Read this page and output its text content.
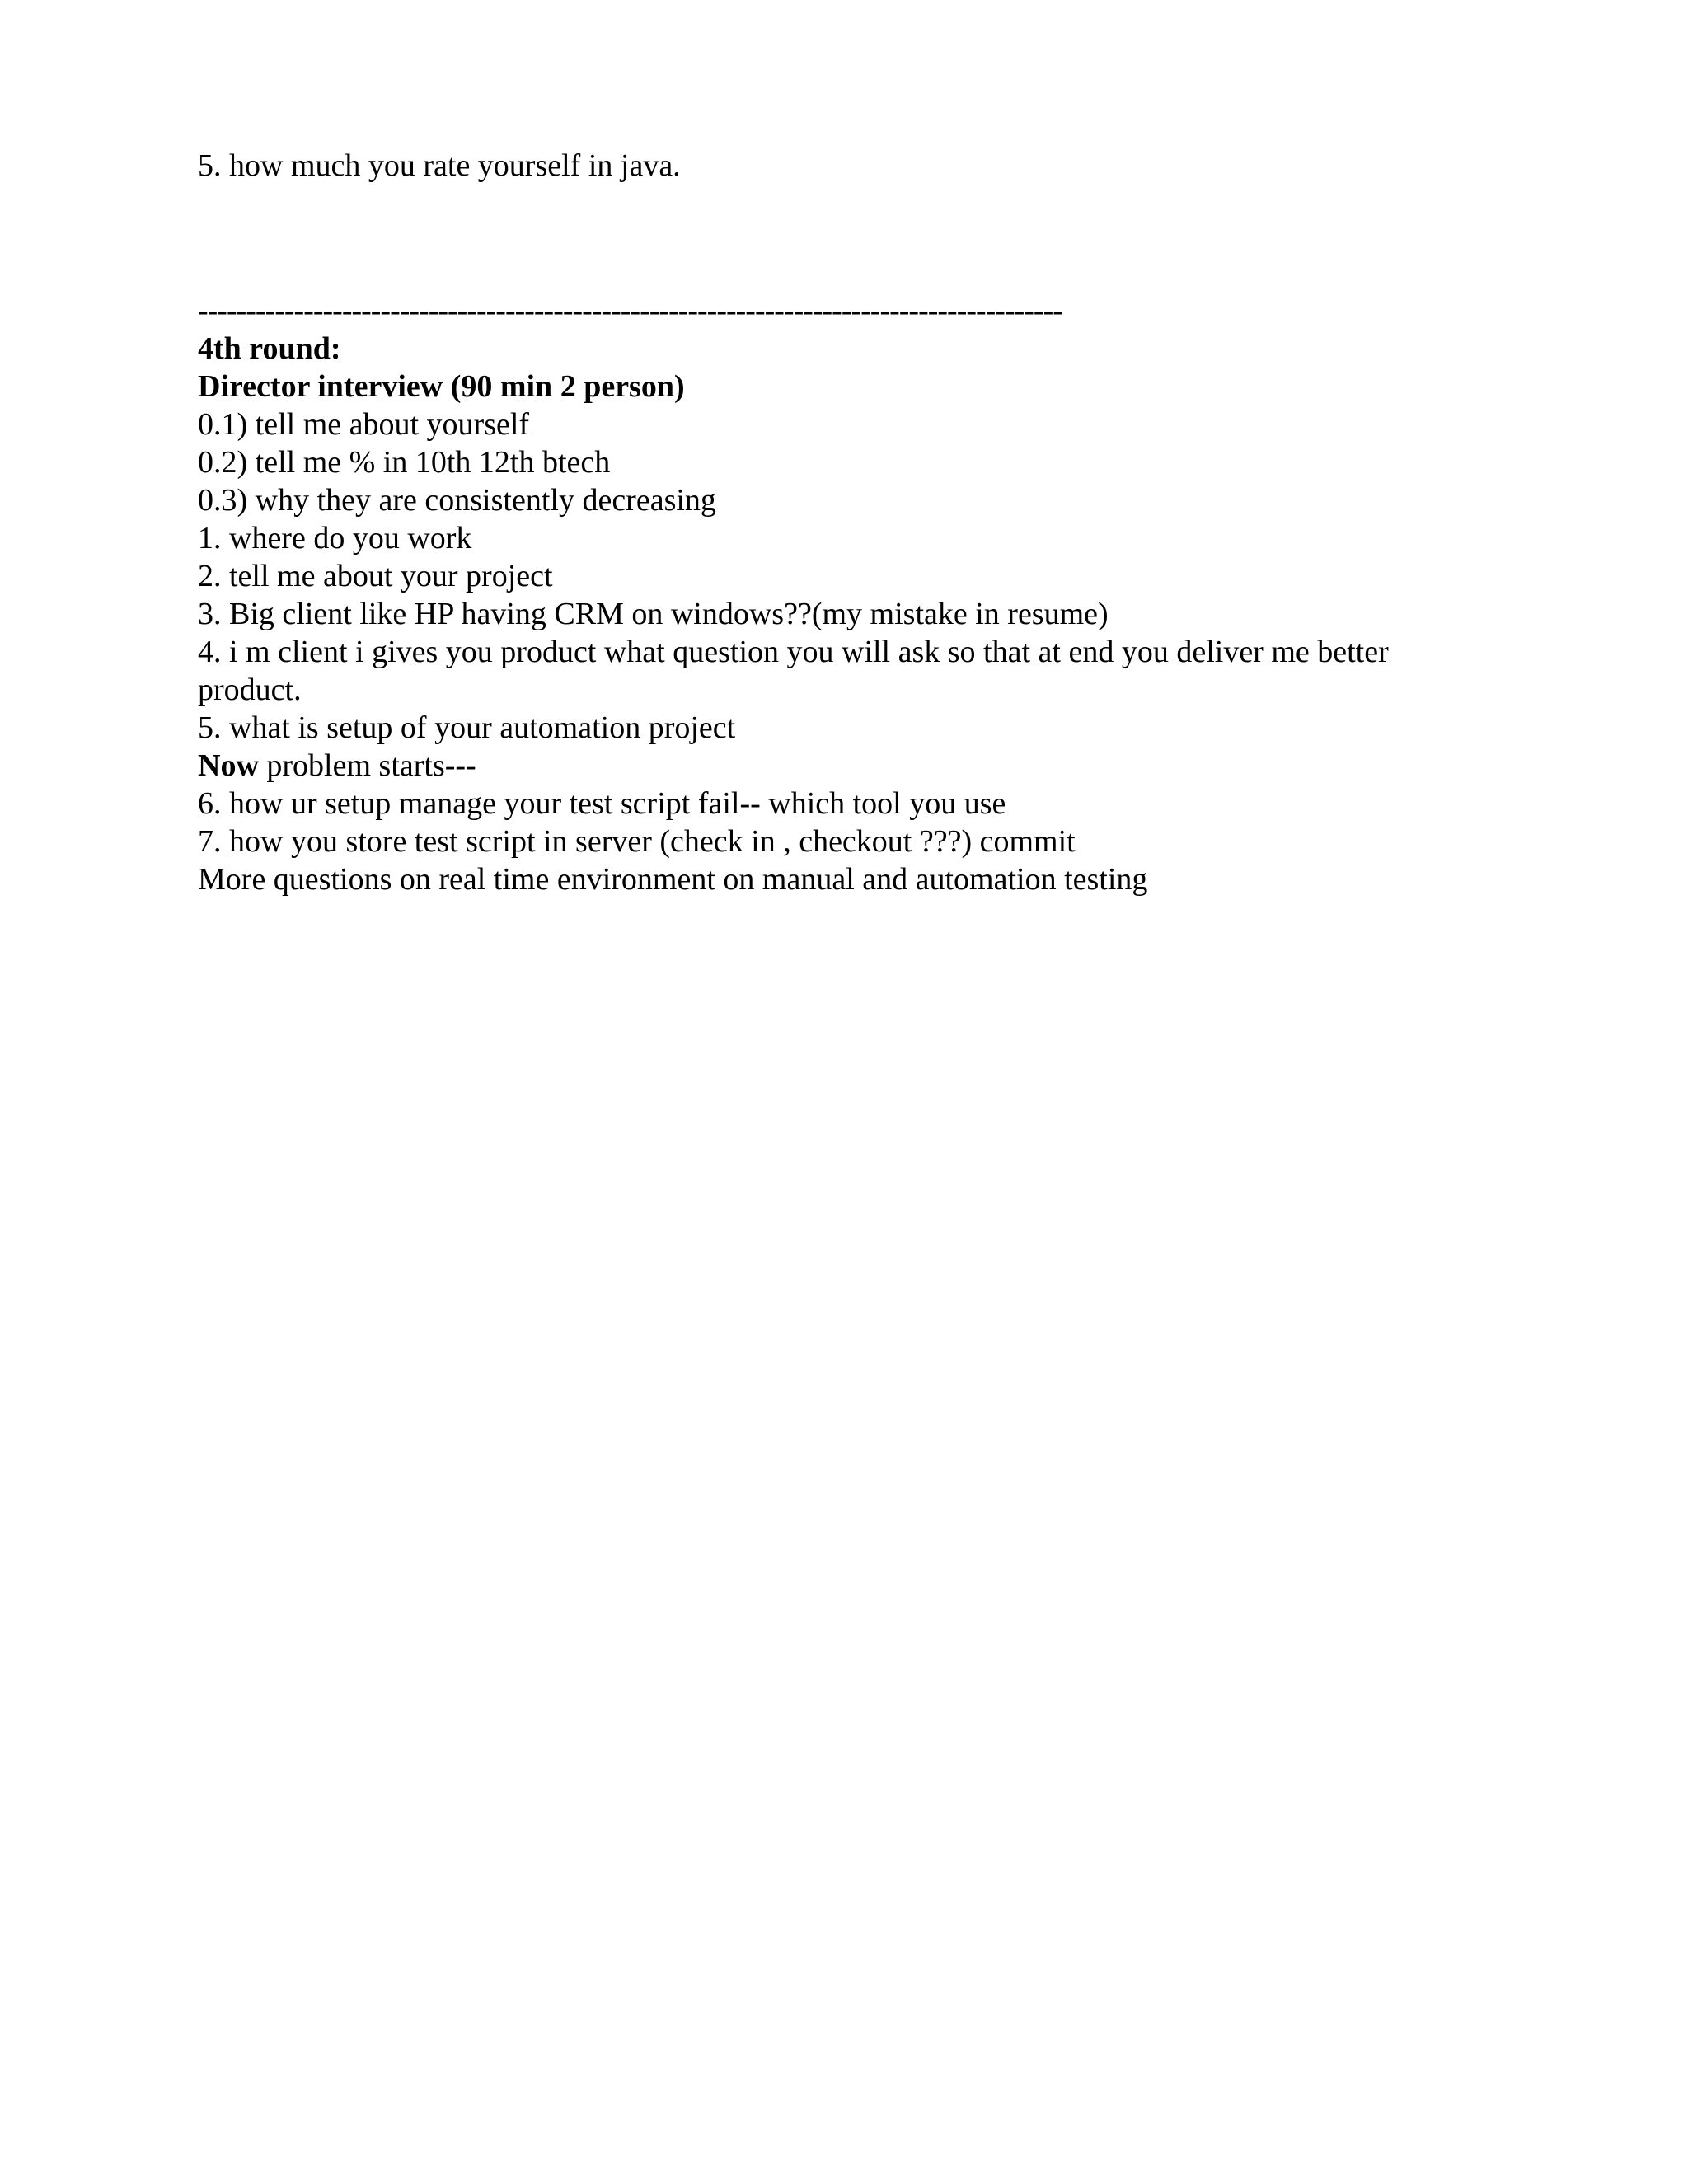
5. how much you rate yourself in java.

------------------------------------------------------------------------------------------

4th round:

Director interview (90 min 2 person)

0.1) tell me about yourself

0.2) tell me % in 10th 12th btech

0.3) why they are consistently decreasing

1. where do you work

2. tell me about your project

3. Big client like HP having CRM on windows??(my mistake in resume)

4. i m client i gives you product what question you will ask so that at end you deliver me better product.

5. what is setup of your automation project

Now problem starts---

6. how ur setup manage your test script fail-- which tool you use

7. how you store test script in server (check in , checkout ???) commit

More questions on real time environment on manual and automation testing
